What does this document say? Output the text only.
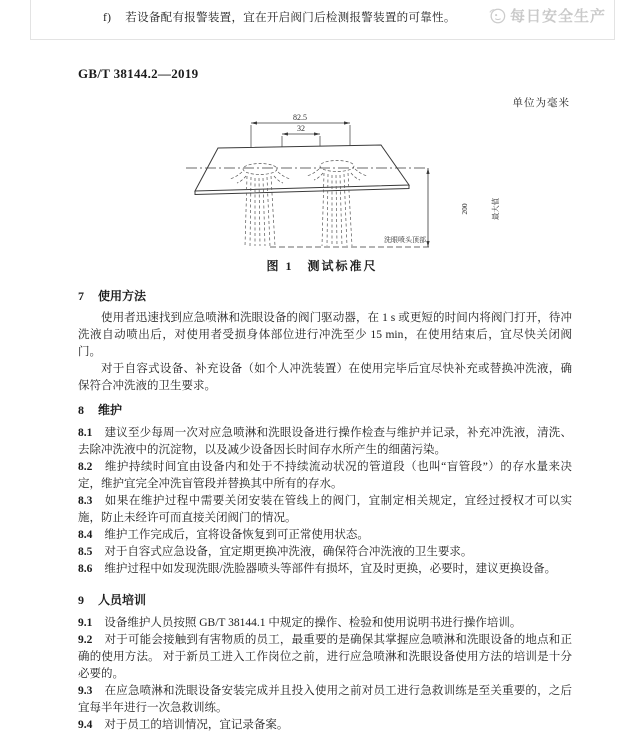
f) 若设备配有报警装置，宜在开启阀门后检测报警装置的可靠性。	每日安全生产
GB/T 38144.2—2019
单位为毫米
82.5
32
200	最大值
洗眼喷头顶部
图 1　测试标准尺
7 使用方法

使用者迅速找到应急喷淋和洗眼设备的阀门驱动器，在 1 s 或更短的时间内将阀门打开，待冲洗液自动喷出后，对使用者受损身体部位进行冲洗至少 15 min，在使用结束后，宜尽快关闭阀门。

对于自容式设备、补充设备（如个人冲洗装置）在使用完毕后宜尽快补充或替换冲洗液，确保符合冲洗液的卫生要求。

8 维护

8.1 建议至少每周一次对应急喷淋和洗眼设备进行操作检查与维护并记录，补充冲洗液，清洗、去除冲洗液中的沉淀物，以及减少设备因长时间存水所产生的细菌污染。

8.2 维护持续时间宜由设备内和处于不持续流动状况的管道段（也叫“盲管段”）的存水量来决定，维护宜完全冲洗盲管段并替换其中所有的存水。

8.3 如果在维护过程中需要关闭安装在管线上的阀门，宜制定相关规定，宜经过授权才可以实施，防止未经许可而直接关闭阀门的情况。

8.4 维护工作完成后，宜将设备恢复到可正常使用状态。

8.5 对于自容式应急设备，宜定期更换冲洗液，确保符合冲洗液的卫生要求。

8.6 维护过程中如发现洗眼/洗脸器喷头等部件有损坏，宜及时更换，必要时，建议更换设备。

9 人员培训

9.1 设备维护人员按照 GB/T 38144.1 中规定的操作、检验和使用说明书进行操作培训。

9.2 对于可能会接触到有害物质的员工，最重要的是确保其掌握应急喷淋和洗眼设备的地点和正确的使用方法。 对于新员工进入工作岗位之前，进行应急喷淋和洗眼设备使用方法的培训是十分必要的。

9.3 在应急喷淋和洗眼设备安装完成并且投入使用之前对员工进行急救训练是至关重要的，之后宜每半年进行一次急救训练。

9.4 对于员工的培训情况，宜记录备案。
